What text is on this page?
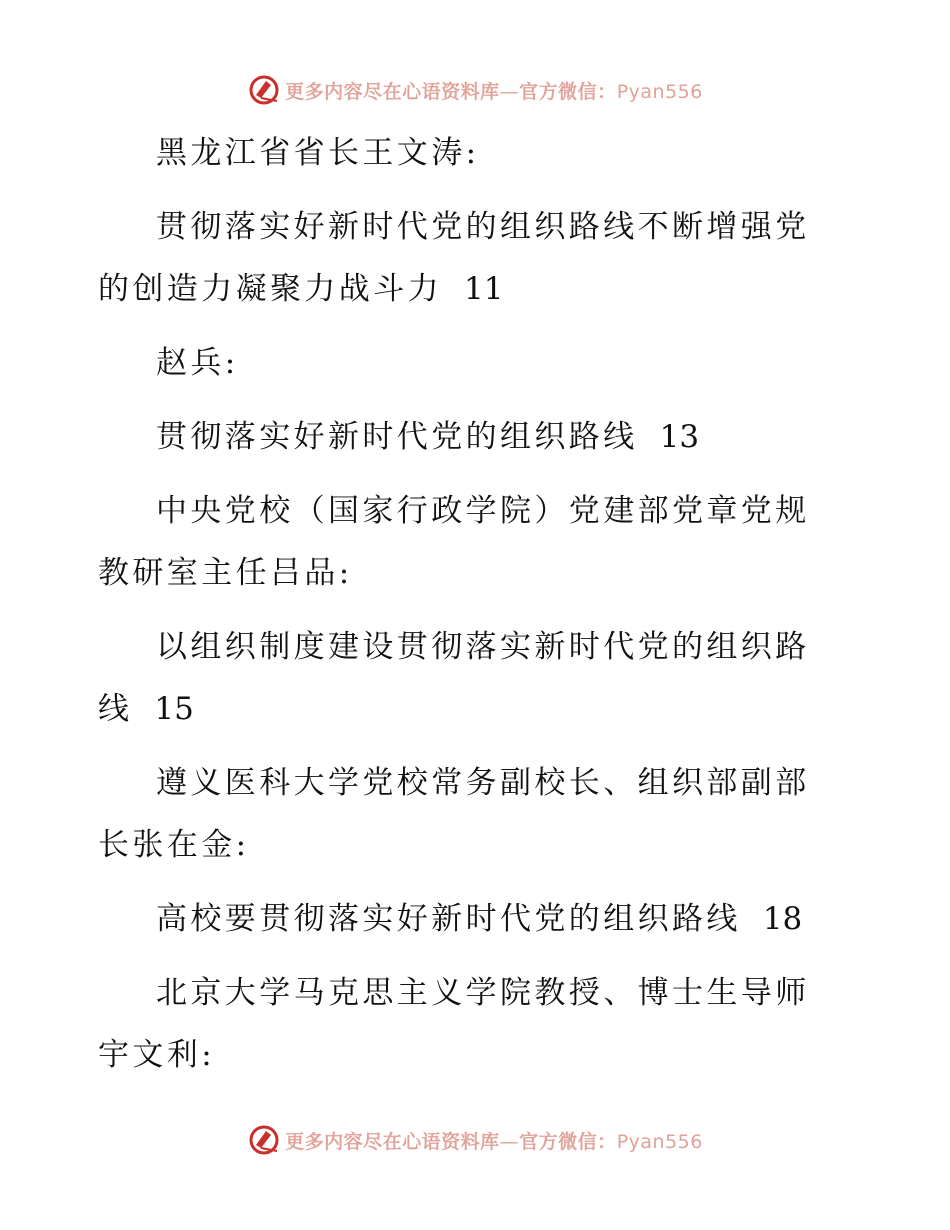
更多内容尽在心语资料库—官方微信：Pyan556

黑龙江省省长王文涛:

贯彻落实好新时代党的组织路线不断增强党的创造力凝聚力战斗力 11

赵兵:

贯彻落实好新时代党的组织路线 13

中央党校（国家行政学院）党建部党章党规教研室主任吕品:

以组织制度建设贯彻落实新时代党的组织路线 15

遵义医科大学党校常务副校长、组织部副部长张在金:

高校要贯彻落实好新时代党的组织路线 18

北京大学马克思主义学院教授、博士生导师宇文利:

更多内容尽在心语资料库—官方微信：Pyan556
